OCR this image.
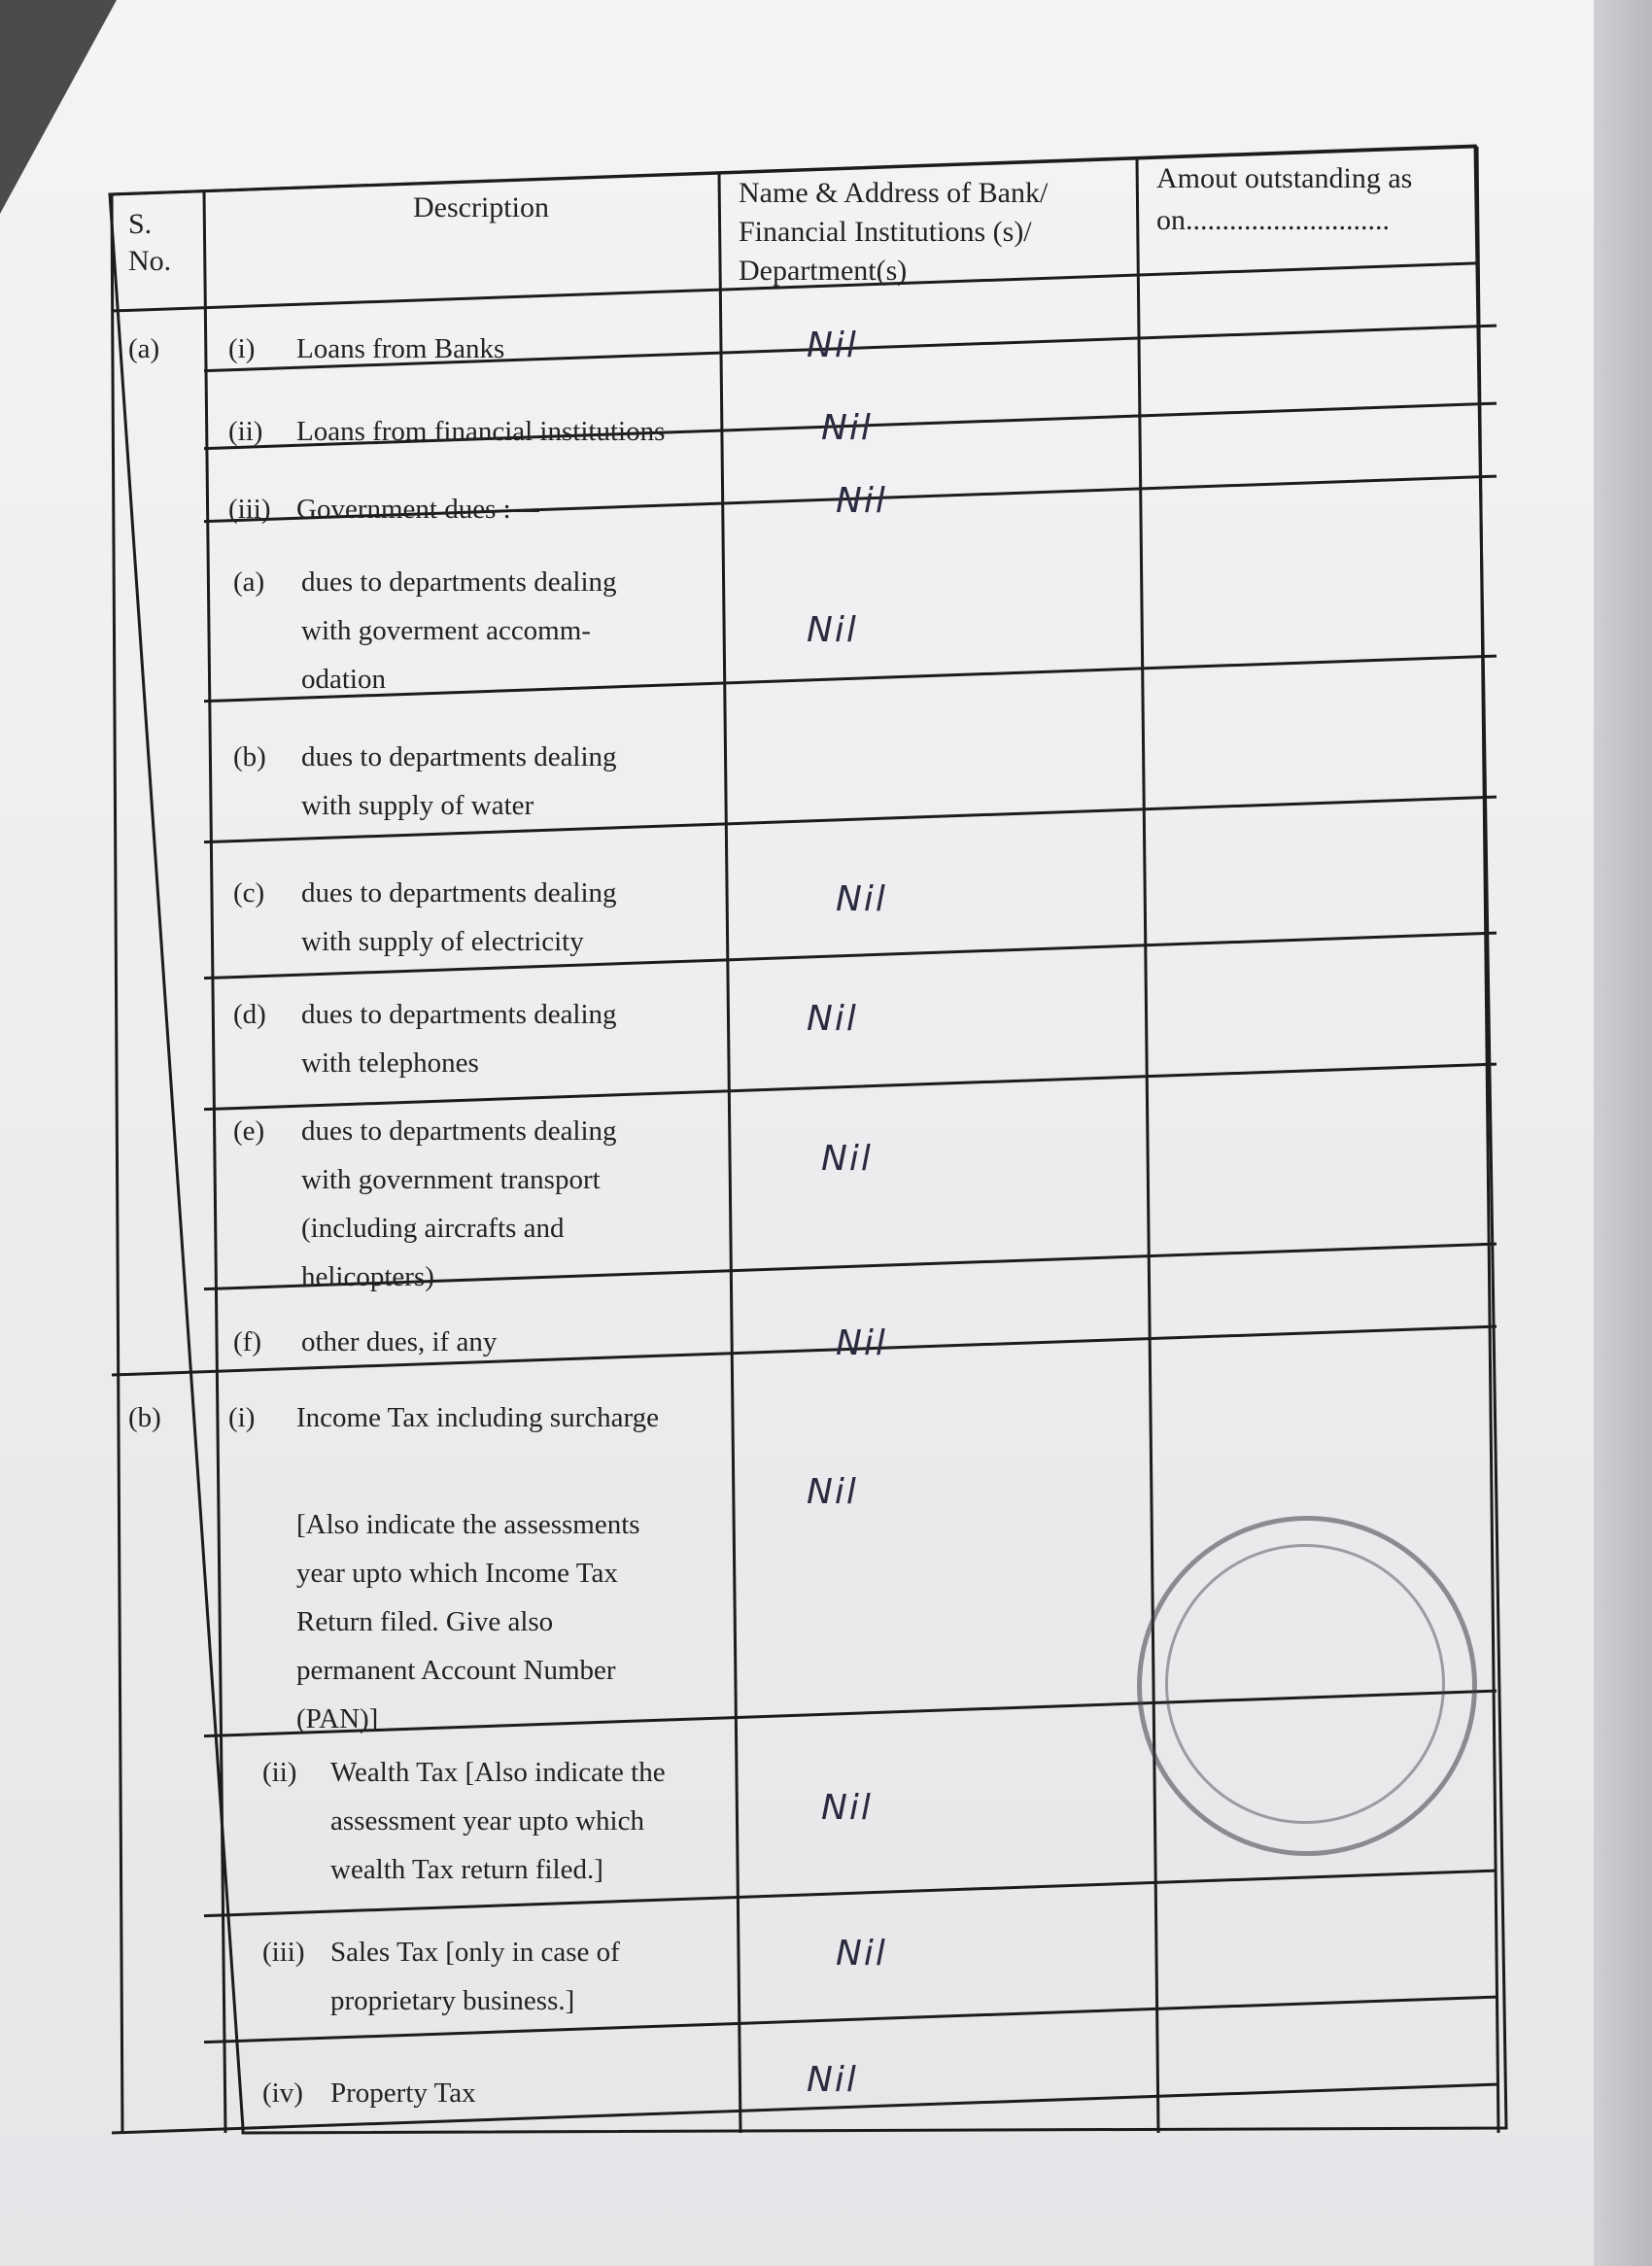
S.
No.
Description	Name & Address of Bank/
Financial Institutions (s)/
Department(s)
Amout outstanding as
on............................
(a) (i) Loans from Banks	Nil
(ii) Loans from financial institutions	Nil
(iii) Government dues :—	Nil
(a) dues to departments dealing
with goverment accomm-
odation
Nil
(b) dues to departments dealing
with supply of water
(c) dues to departments dealing
with supply of electricity
Nil
(d) dues to departments dealing
with telephones
Nil
(e) dues to departments dealing
with government transport
(including aircrafts and
helicopters)
Nil
(f) other dues, if any	Nil
(b) (i) Income Tax including surcharge
[Also indicate the assessments
year upto which Income Tax
Return filed. Give also
permanent Account Number
(PAN)]
Nil
(ii) Wealth Tax [Also indicate the
assessment year upto which
wealth Tax return filed.]
Nil
(iii) Sales Tax [only in case of
proprietary business.]
Nil
(iv) Property Tax	Nil
